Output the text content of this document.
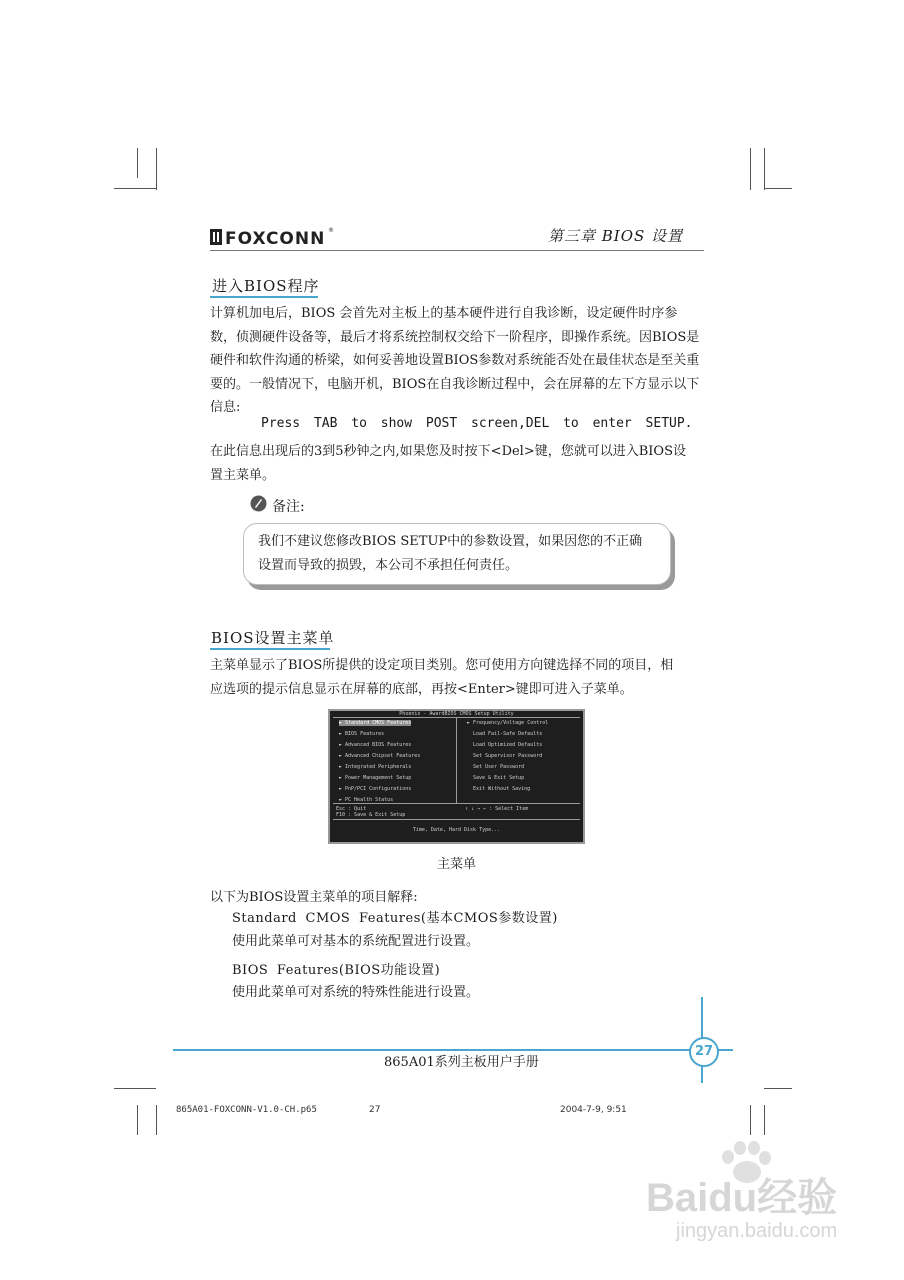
FOXCONN ®	第三章 BIOS 设置
进入BIOS程序
计算机加电后，BIOS 会首先对主板上的基本硬件进行自我诊断，设定硬件时序参
数，侦测硬件设备等，最后才将系统控制权交给下一阶程序，即操作系统。因BIOS是
硬件和软件沟通的桥梁，如何妥善地设置BIOS参数对系统能否处在最佳状态是至关重
要的。一般情况下，电脑开机，BIOS在自我诊断过程中，会在屏幕的左下方显示以下
信息:
Press TAB to show POST screen,DEL to enter SETUP.
在此信息出现后的3到5秒钟之内,如果您及时按下<Del>键，您就可以进入BIOS设
置主菜单。
备注:
我们不建议您修改BIOS SETUP中的参数设置，如果因您的不正确
设置而导致的损毁，本公司不承担任何责任。
BIOS设置主菜单
主菜单显示了BIOS所提供的设定项目类别。您可使用方向键选择不同的项目，相
应选项的提示信息显示在屏幕的底部，再按<Enter>键即可进入子菜单。
Phoenix - AwardBIOS CMOS Setup Utility
► Standard CMOS Features
► BIOS Features
► Advanced BIOS Features
► Advanced Chipset Features
► Integrated Peripherals
► Power Management Setup
► PnP/PCI Configurations
► PC Health Status
► Frequency/Voltage Control
Load Fail-Safe Defaults
Load Optimized Defaults
Set Supervisor Password
Set User Password
Save & Exit Setup
Exit Without Saving
Esc : Quit
F10 : Save & Exit Setup
↑ ↓ → ← : Select Item
Time, Date, Hard Disk Type...
主菜单
以下为BIOS设置主菜单的项目解释:
Standard CMOS Features(基本CMOS参数设置)
使用此菜单可对基本的系统配置进行设置。
BIOS Features(BIOS功能设置)
使用此菜单可对系统的特殊性能进行设置。
27
865A01系列主板用户手册
865A01-FOXCONN-V1.0-CH.p65	27	2004-7-9, 9:51
Baidu经验
jingyan.baidu.com
